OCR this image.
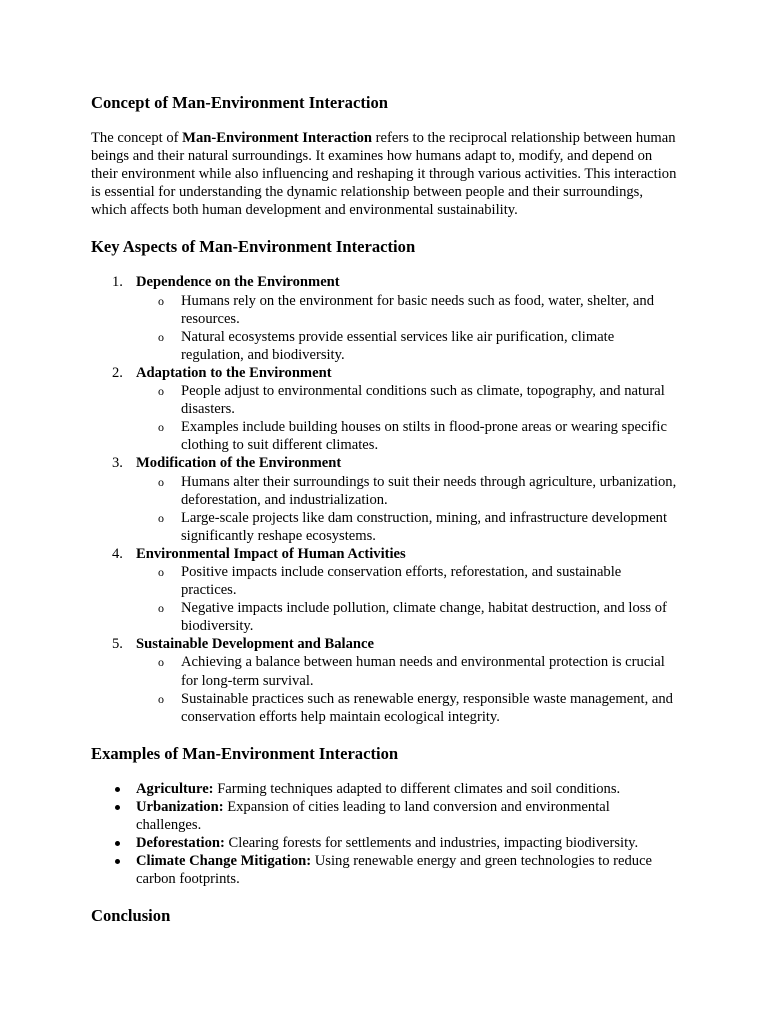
Concept of Man-Environment Interaction

The concept of Man-Environment Interaction refers to the reciprocal relationship between human beings and their natural surroundings. It examines how humans adapt to, modify, and depend on their environment while also influencing and reshaping it through various activities. This interaction is essential for understanding the dynamic relationship between people and their surroundings, which affects both human development and environmental sustainability.

Key Aspects of Man-Environment Interaction
1. Dependence on the Environment
o Humans rely on the environment for basic needs such as food, water, shelter, and resources.
o Natural ecosystems provide essential services like air purification, climate regulation, and biodiversity.
2. Adaptation to the Environment
o People adjust to environmental conditions such as climate, topography, and natural disasters.
o Examples include building houses on stilts in flood-prone areas or wearing specific clothing to suit different climates.
3. Modification of the Environment
o Humans alter their surroundings to suit their needs through agriculture, urbanization, deforestation, and industrialization.
o Large-scale projects like dam construction, mining, and infrastructure development significantly reshape ecosystems.
4. Environmental Impact of Human Activities
o Positive impacts include conservation efforts, reforestation, and sustainable practices.
o Negative impacts include pollution, climate change, habitat destruction, and loss of biodiversity.
5. Sustainable Development and Balance
o Achieving a balance between human needs and environmental protection is crucial for long-term survival.
o Sustainable practices such as renewable energy, responsible waste management, and conservation efforts help maintain ecological integrity.
Examples of Man-Environment Interaction
Agriculture: Farming techniques adapted to different climates and soil conditions.
Urbanization: Expansion of cities leading to land conversion and environmental challenges.
Deforestation: Clearing forests for settlements and industries, impacting biodiversity.
Climate Change Mitigation: Using renewable energy and green technologies to reduce carbon footprints.
Conclusion
